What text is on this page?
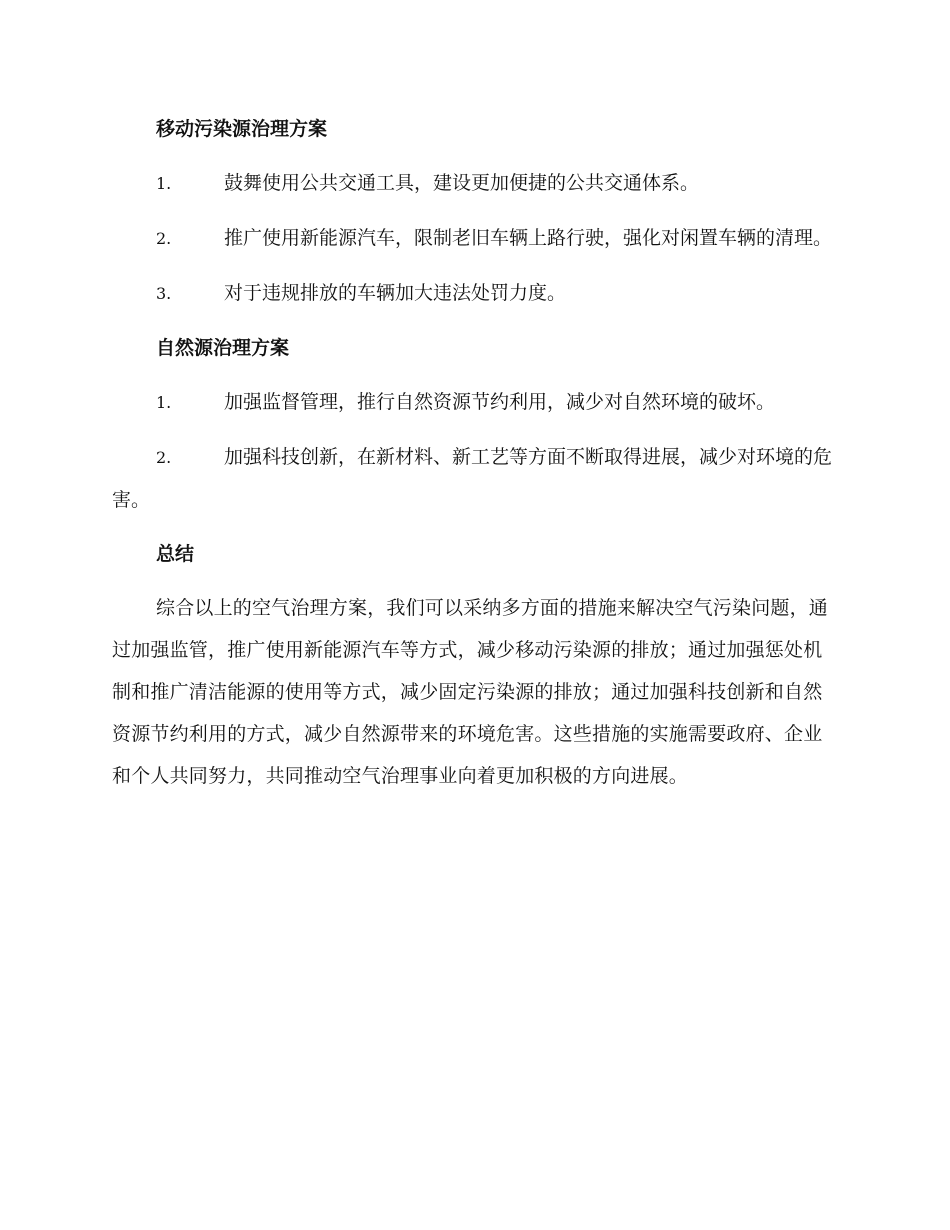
移动污染源治理方案
1.	鼓舞使用公共交通工具，建设更加便捷的公共交通体系。
2.	推广使用新能源汽车，限制老旧车辆上路行驶，强化对闲置车辆的清理。
3.	对于违规排放的车辆加大违法处罚力度。
自然源治理方案
1.	加强监督管理，推行自然资源节约利用，减少对自然环境的破坏。
2.	加强科技创新，在新材料、新工艺等方面不断取得进展，减少对环境的危害。
总结
综合以上的空气治理方案，我们可以采纳多方面的措施来解决空气污染问题，通过加强监管，推广使用新能源汽车等方式，减少移动污染源的排放；通过加强惩处机制和推广清洁能源的使用等方式，减少固定污染源的排放；通过加强科技创新和自然资源节约利用的方式，减少自然源带来的环境危害。这些措施的实施需要政府、企业和个人共同努力，共同推动空气治理事业向着更加积极的方向进展。
